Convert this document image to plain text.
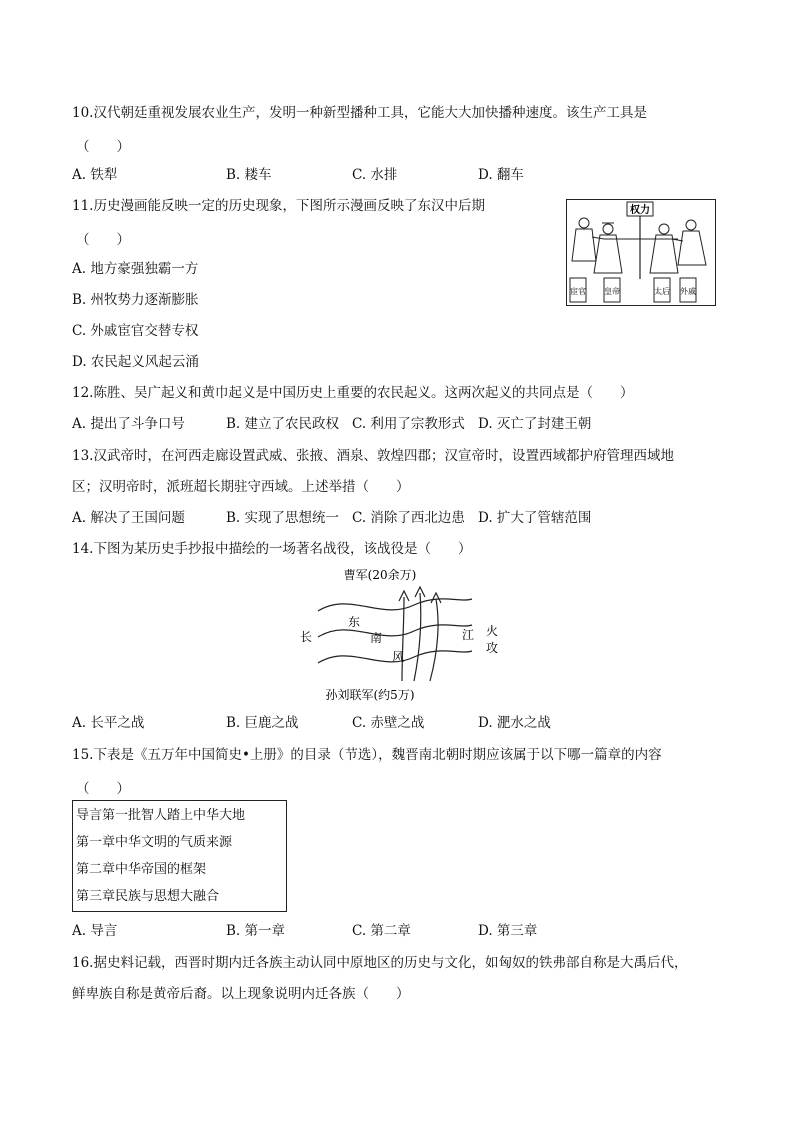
10.汉代朝廷重视发展农业生产，发明一种新型播种工具，它能大大加快播种速度。该生产工具是
（　　）
A. 铁犁	B. 耧车	C. 水排	D. 翻车
11.历史漫画能反映一定的历史现象，下图所示漫画反映了东汉中后期
（　　）
A. 地方豪强独霸一方
B. 州牧势力逐渐膨胀
C. 外戚宦官交替专权
D. 农民起义风起云涌
权力
宦官 皇帝	太后 外戚
12.陈胜、吴广起义和黄巾起义是中国历史上重要的农民起义。这两次起义的共同点是（　　）
A. 提出了斗争口号	B. 建立了农民政权 C. 利用了宗教形式 D. 灭亡了封建王朝
13.汉武帝时，在河西走廊设置武威、张掖、酒泉、敦煌四郡；汉宣帝时，设置西域都护府管理西域地
区；汉明帝时，派班超长期驻守西域。上述举措（　　）
A. 解决了王国问题	B. 实现了思想统一 C. 消除了西北边患 D. 扩大了管辖范围
14.下图为某历史手抄报中描绘的一场著名战役，该战役是（　　）
曹军(20余万)
长	江
东
南
风
火
攻
孙刘联军(约5万)
A. 长平之战	B. 巨鹿之战	C. 赤壁之战	D. 淝水之战
15.下表是《五万年中国简史•上册》的目录（节选），魏晋南北朝时期应该属于以下哪一篇章的内容
（　　）
导言第一批智人踏上中华大地
第一章中华文明的气质来源
第二章中华帝国的框架
第三章民族与思想大融合
A. 导言	B. 第一章	C. 第二章	D. 第三章
16.据史料记载，西晋时期内迁各族主动认同中原地区的历史与文化，如匈奴的铁弗部自称是大禹后代，
鲜卑族自称是黄帝后裔。以上现象说明内迁各族（　　）
